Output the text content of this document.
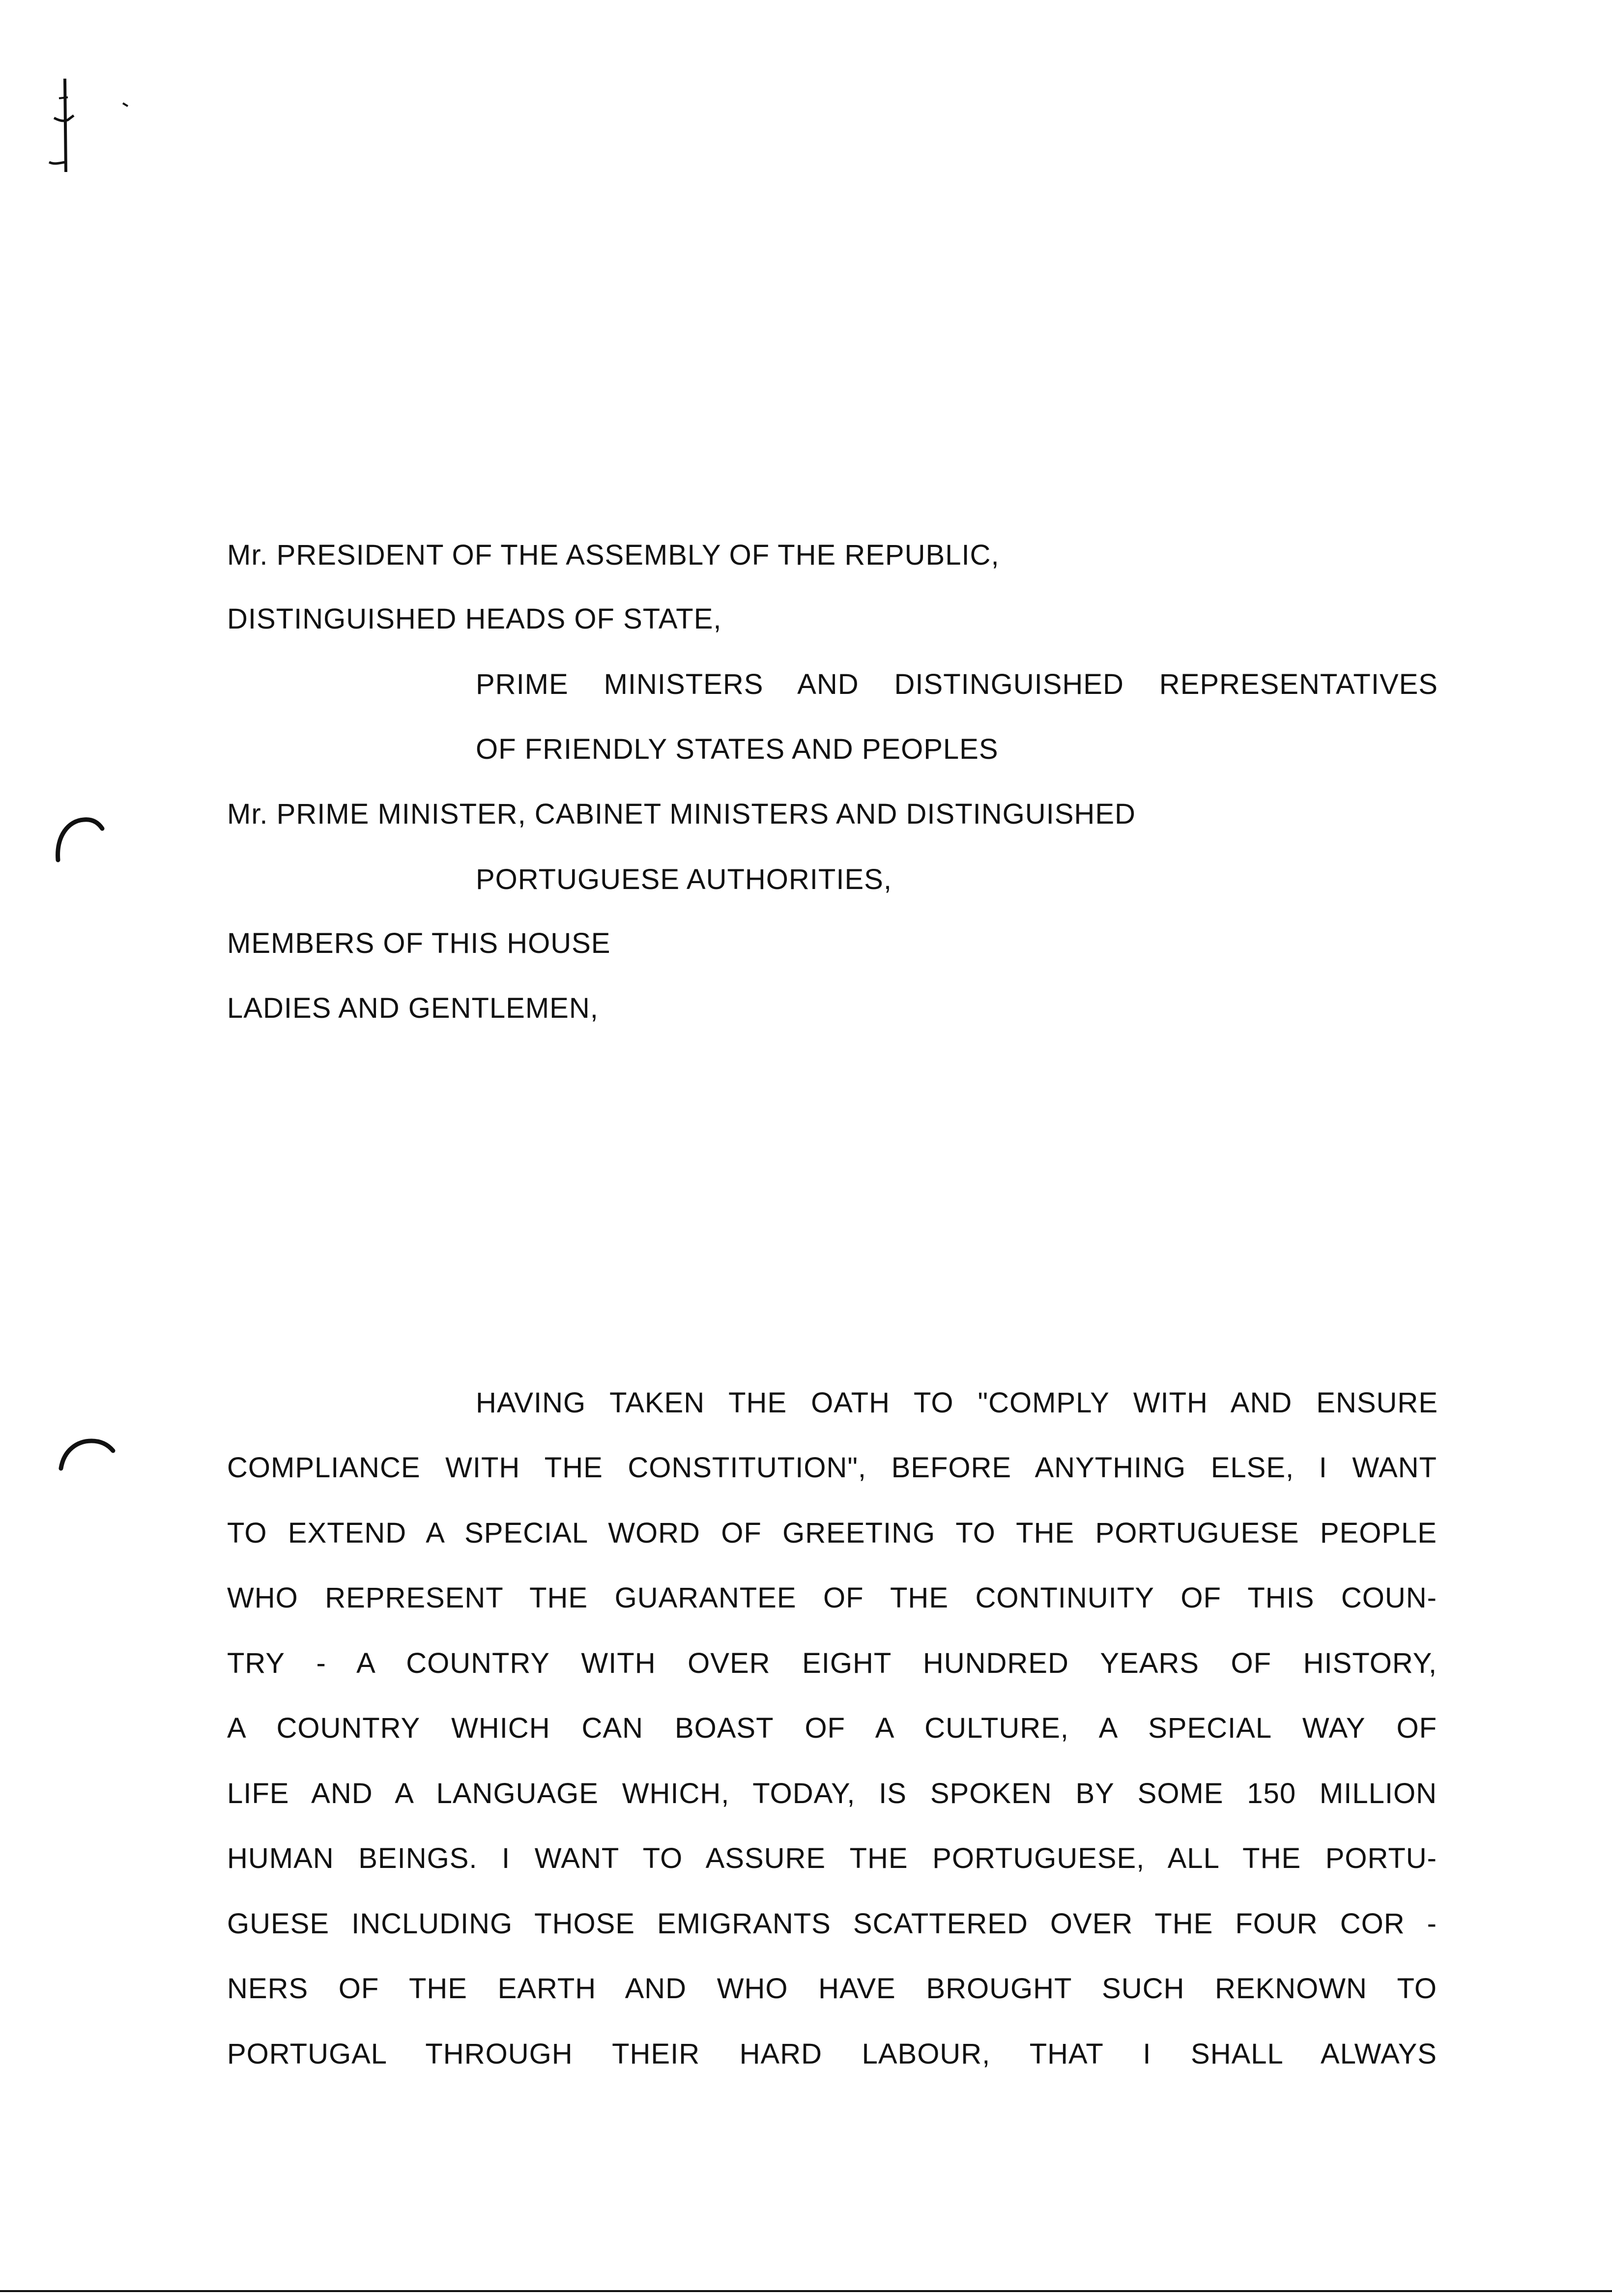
Mr. PRESIDENT OF THE ASSEMBLY OF THE REPUBLIC,
DISTINGUISHED HEADS OF STATE,
PRIME MINISTERS AND DISTINGUISHED REPRESENTATIVES
OF FRIENDLY STATES AND PEOPLES
Mr. PRIME MINISTER, CABINET MINISTERS AND DISTINGUISHED
PORTUGUESE AUTHORITIES,
MEMBERS OF THIS HOUSE
LADIES AND GENTLEMEN,
HAVING TAKEN THE OATH TO "COMPLY WITH AND ENSURE
COMPLIANCE WITH THE CONSTITUTION", BEFORE ANYTHING ELSE, I WANT
TO EXTEND A SPECIAL WORD OF GREETING TO THE PORTUGUESE PEOPLE
WHO REPRESENT THE GUARANTEE OF THE CONTINUITY OF THIS COUN-
TRY - A COUNTRY WITH OVER EIGHT HUNDRED YEARS OF HISTORY,
A COUNTRY WHICH CAN BOAST OF A CULTURE, A SPECIAL WAY OF
LIFE AND A LANGUAGE WHICH, TODAY, IS SPOKEN BY SOME 150 MILLION
HUMAN BEINGS. I WANT TO ASSURE THE PORTUGUESE, ALL THE PORTU-
GUESE INCLUDING THOSE EMIGRANTS SCATTERED OVER THE FOUR COR -
NERS OF THE EARTH AND WHO HAVE BROUGHT SUCH REKNOWN TO
PORTUGAL THROUGH THEIR HARD LABOUR, THAT I SHALL ALWAYS
